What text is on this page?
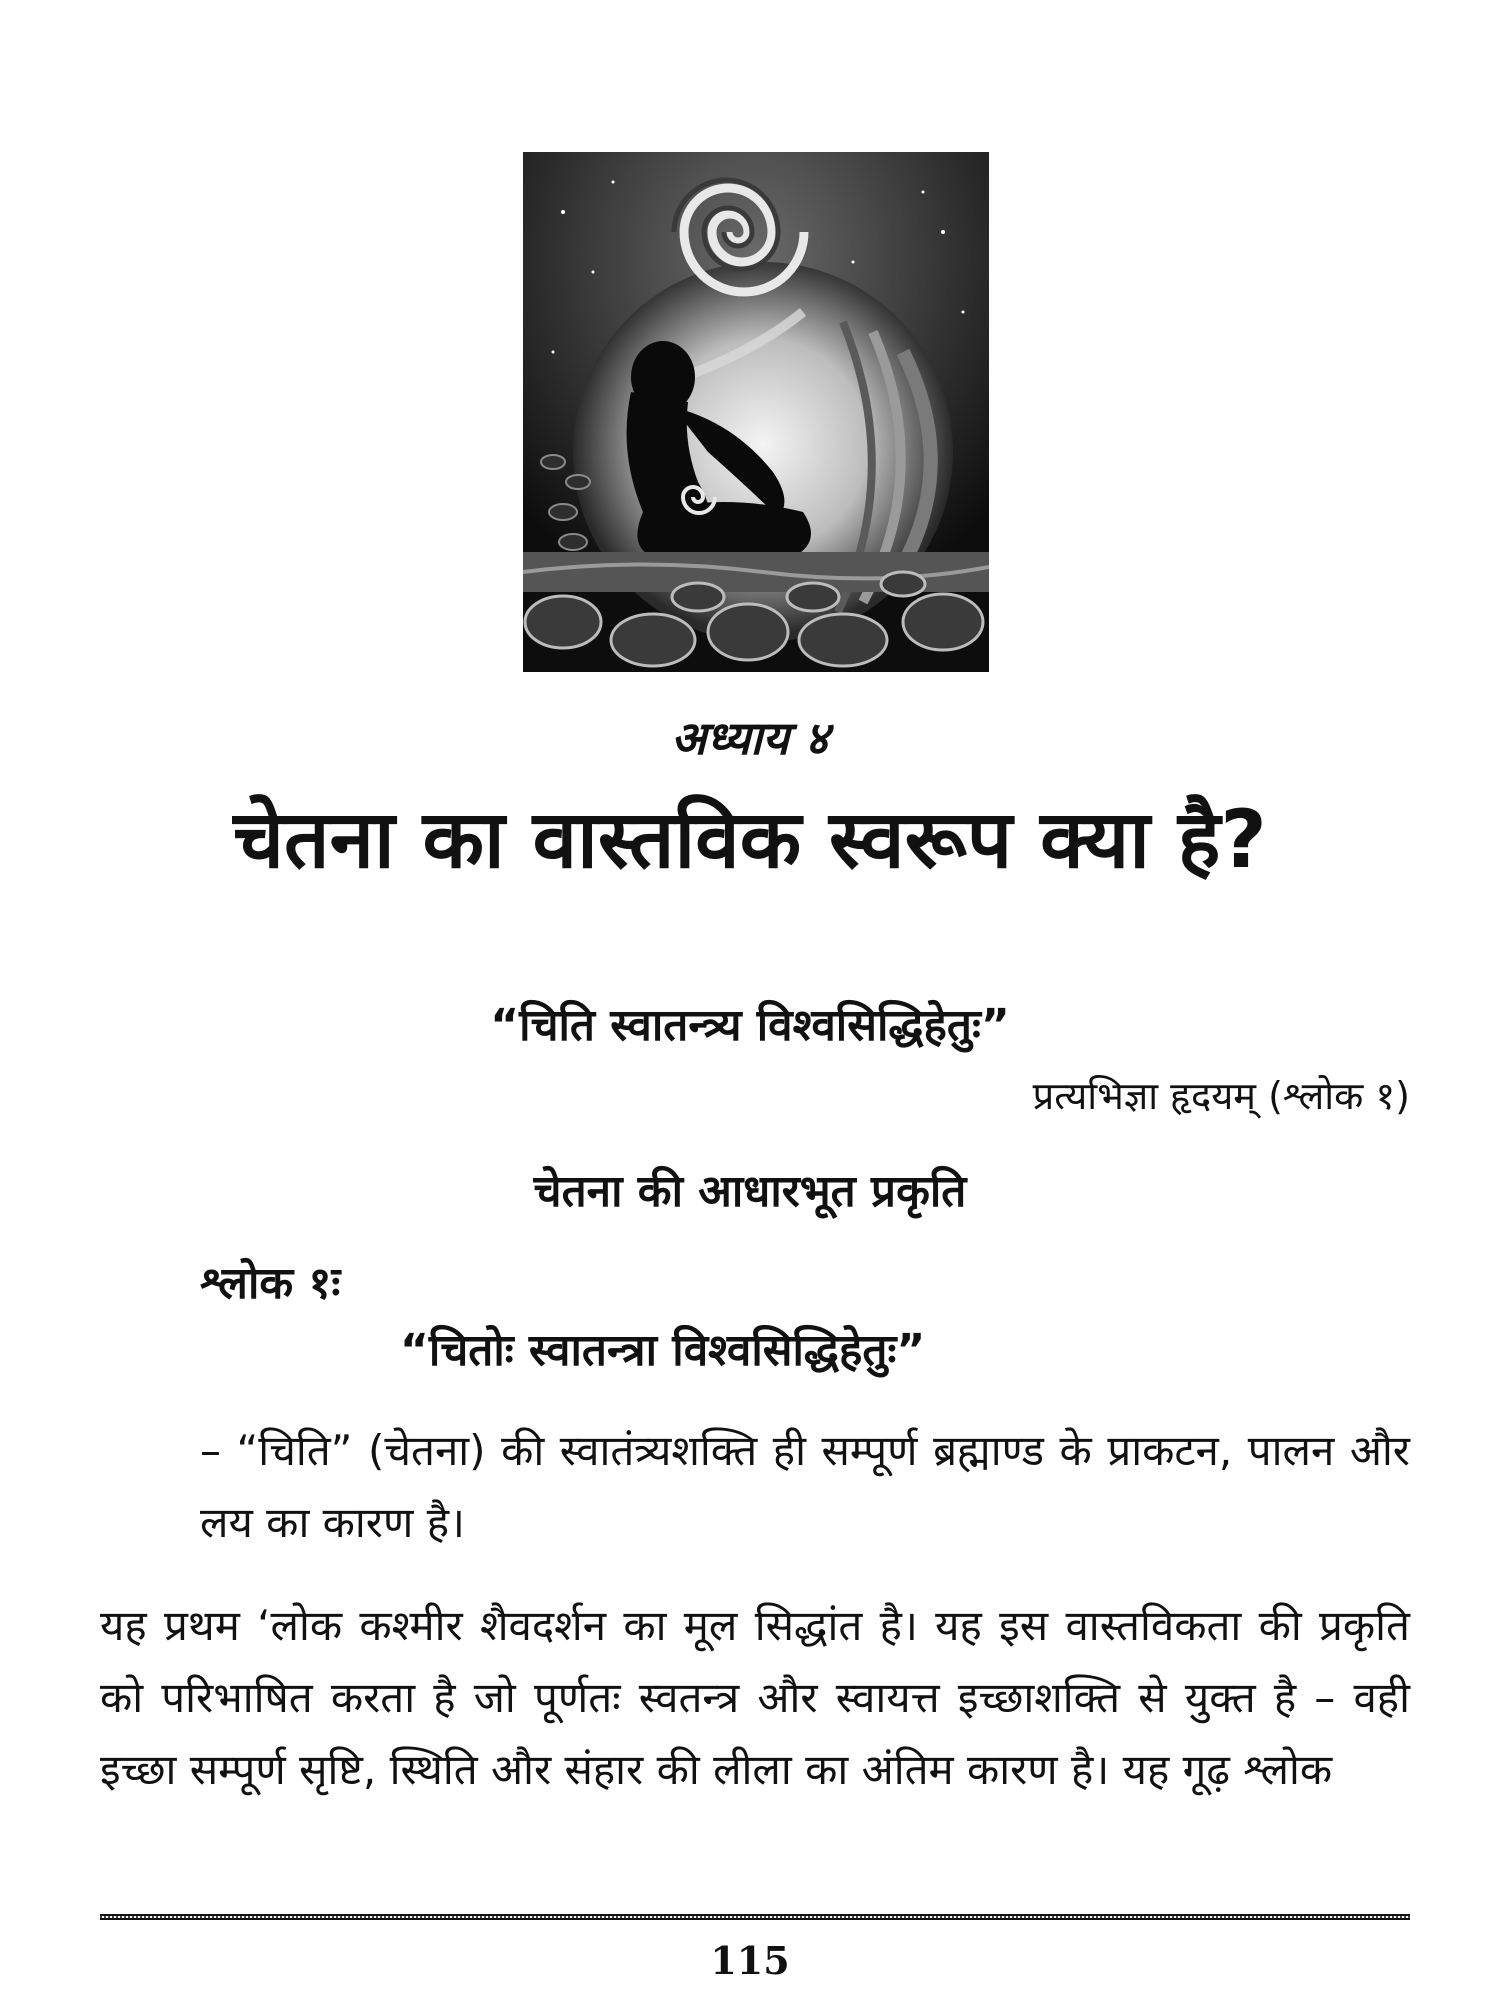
अध्याय ४
चेतना का वास्तविक स्वरूप क्या है?
“चिति स्वातन्त्र्य विश्वसिद्धिहेतुः”
प्रत्यभिज्ञा हृदयम् (श्लोक १)
चेतना की आधारभूत प्रकृति
श्लोक १ः
“चितोः स्वातन्त्रा विश्वसिद्धिहेतुः”
– “चिति” (चेतना) की स्वातंत्र्यशक्ति ही सम्पूर्ण ब्रह्माण्ड के प्राकटन, पालन और लय का कारण है।
यह प्रथम ‘लोक कश्मीर शैवदर्शन का मूल सिद्धांत है। यह इस वास्तविकता की प्रकृति को परिभाषित करता है जो पूर्णतः स्वतन्त्र और स्वायत्त इच्छाशक्ति से युक्त है – वही इच्छा सम्पूर्ण सृष्टि, स्थिति और संहार की लीला का अंतिम कारण है। यह गूढ़ श्लोक
115
